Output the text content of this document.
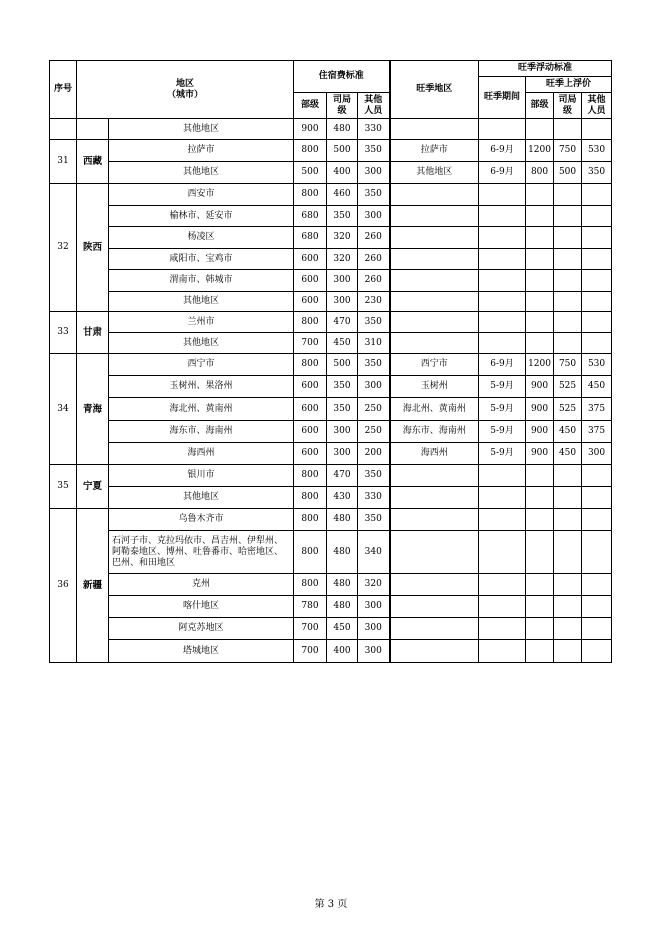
序号	地区
（城市）		住宿费标准			旺季地区	旺季浮动标准			
							旺季期间	旺季上浮价		
			部级	司局级	其他人员			部级	司局级	其他人员
		其他地区	900	480	330					
31	西藏	拉萨市	800	500	350	拉萨市	6-9月	1200	750	530
		其他地区	500	400	300	其他地区	6-9月	800	500	350
32	陕西	西安市	800	460	350					
		榆林市、延安市	680	350	300					
		杨凌区	680	320	260					
		咸阳市、宝鸡市	600	320	260					
		渭南市、韩城市	600	300	260					
		其他地区	600	300	230					
33	甘肃	兰州市	800	470	350					
		其他地区	700	450	310					
34	青海	西宁市	800	500	350	西宁市	6-9月	1200	750	530
		玉树州、果洛州	600	350	300	玉树州	5-9月	900	525	450
		海北州、黄南州	600	350	250	海北州、黄南州	5-9月	900	525	375
		海东市、海南州	600	300	250	海东市、海南州	5-9月	900	450	375
		海西州	600	300	200	海西州	5-9月	900	450	300
35	宁夏	银川市	800	470	350					
		其他地区	800	430	330					
36	新疆	乌鲁木齐市	800	480	350					
		石河子市、克拉玛依市、昌吉州、伊犁州、阿勒泰地区、博州、吐鲁番市、哈密地区、巴州、和田地区	800	480	340					
		克州	800	480	320					
		喀什地区	780	480	300					
		阿克苏地区	700	450	300					
		塔城地区	700	400	300					
第 3 页
